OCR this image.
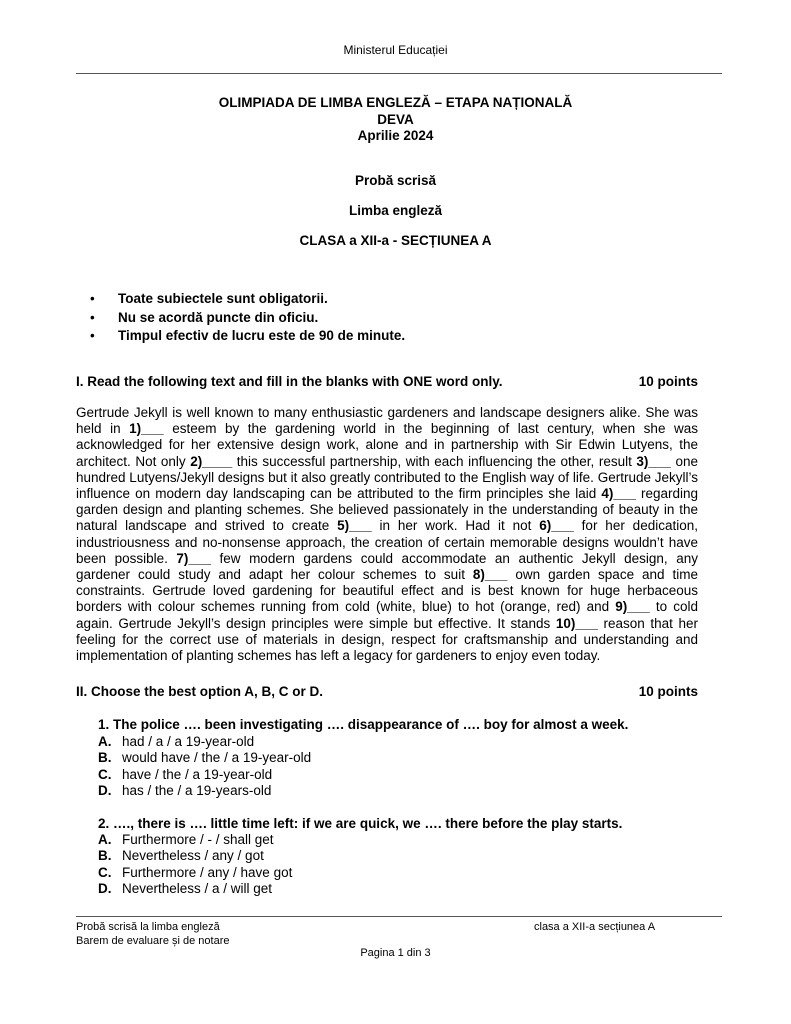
Ministerul Educației
OLIMPIADA DE LIMBA ENGLEZĂ – ETAPA NAȚIONALĂ
DEVA
Aprilie 2024
Probă scrisă
Limba engleză
CLASA a XII-a - SECȚIUNEA A
• Toate subiectele sunt obligatorii.
• Nu se acordă puncte din oficiu.
• Timpul efectiv de lucru este de 90 de minute.
I. Read the following text and fill in the blanks with ONE word only.	10 points
Gertrude Jekyll is well known to many enthusiastic gardeners and landscape designers alike. She was held in 1)___ esteem by the gardening world in the beginning of last century, when she was acknowledged for her extensive design work, alone and in partnership with Sir Edwin Lutyens, the architect. Not only 2)____ this successful partnership, with each influencing the other, result 3)___ one hundred Lutyens/Jekyll designs but it also greatly contributed to the English way of life. Gertrude Jekyll’s influence on modern day landscaping can be attributed to the firm principles she laid 4)___ regarding garden design and planting schemes. She believed passionately in the understanding of beauty in the natural landscape and strived to create 5)___ in her work. Had it not 6)___ for her dedication, industriousness and no-nonsense approach, the creation of certain memorable designs wouldn’t have been possible. 7)___ few modern gardens could accommodate an authentic Jekyll design, any gardener could study and adapt her colour schemes to suit 8)___ own garden space and time constraints. Gertrude loved gardening for beautiful effect and is best known for huge herbaceous borders with colour schemes running from cold (white, blue) to hot (orange, red) and 9)___ to cold again. Gertrude Jekyll’s design principles were simple but effective. It stands 10)___ reason that her feeling for the correct use of materials in design, respect for craftsmanship and understanding and implementation of planting schemes has left a legacy for gardeners to enjoy even today.
II. Choose the best option A, B, C or D.	10 points
1. The police …. been investigating …. disappearance of …. boy for almost a week.
A. had / a / a 19-year-old
B. would have / the / a 19-year-old
C. have / the / a 19-year-old
D. has / the / a 19-years-old
2. …., there is …. little time left: if we are quick, we …. there before the play starts.
A. Furthermore / - / shall get
B. Nevertheless / any / got
C. Furthermore / any / have got
D. Nevertheless / a / will get
Probă scrisă la limba engleză
Barem de evaluare și de notare
clasa a XII-a secțiunea A
Pagina 1 din 3
